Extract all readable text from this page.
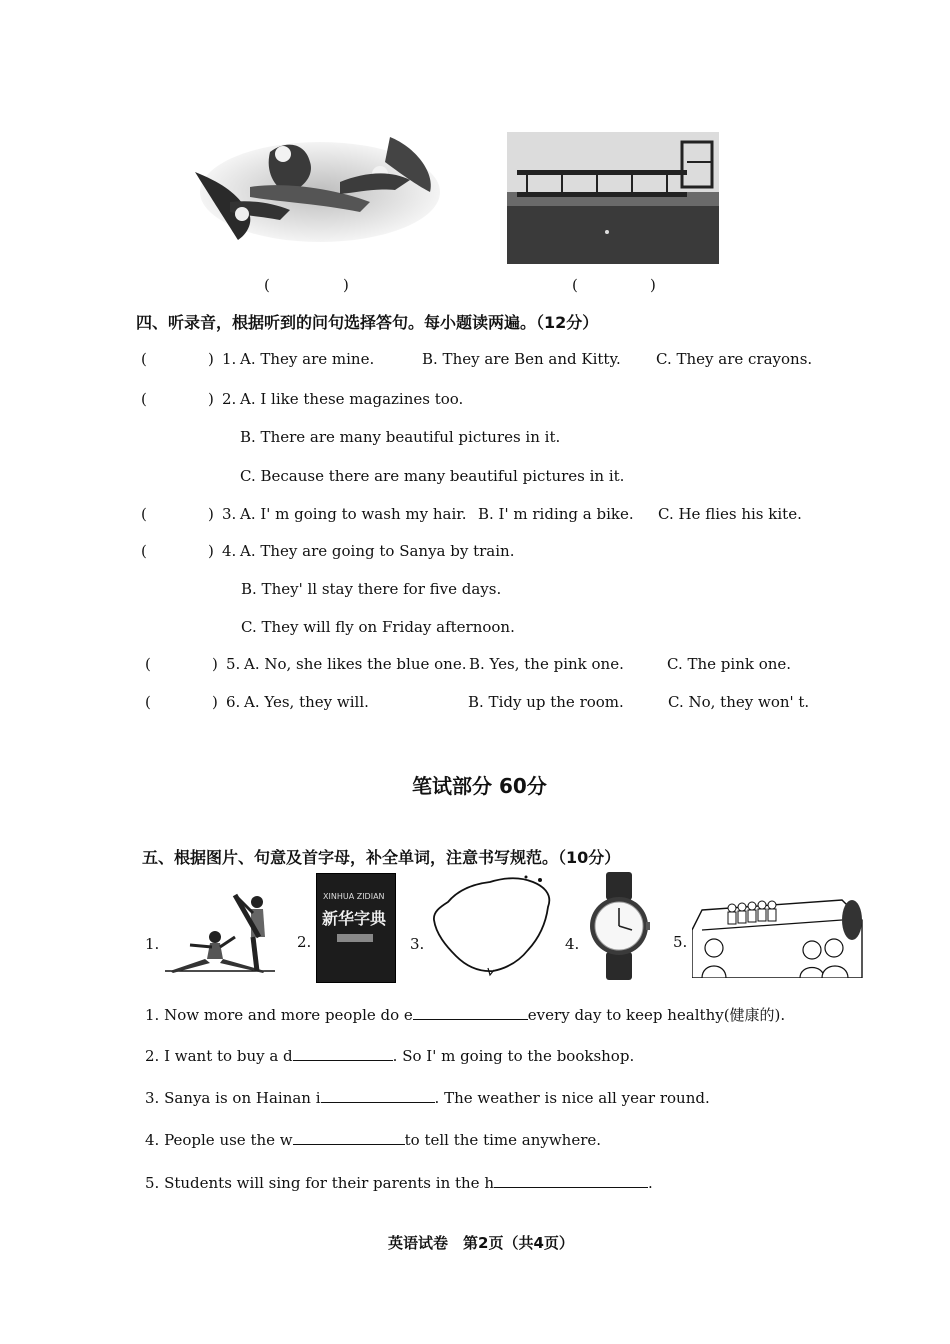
(	)	(	)
四、听录音，根据听到的问句选择答句。每小题读两遍。（12分）
(	) 1. A. They are mine.	B. They are Ben and Kitty. C. They are crayons.
(	) 2. A. I like these magazines too.
B. There are many beautiful pictures in it.
C. Because there are many beautiful pictures in it.
(	) 3. A. I' m going to wash my hair. B. I' m riding a bike. C. He flies his kite.
(	) 4. A. They are going to Sanya by train.
B. They' ll stay there for five days.
C. They will fly on Friday afternoon.
(	) 5. A. No, she likes the blue one. B. Yes, the pink one.	C. The pink one.
(	) 6. A. Yes, they will.	B. Tidy up the room.	C. No, they won' t.
笔试部分 60分
五、根据图片、句意及首字母，补全单词，注意书写规范。（10分）
1.	2.
XINHUA ZIDIAN
新华字典
3.	4.	5.
1. Now more and more people do e	every day to keep healthy(健康的).
2. I want to buy a d	. So I' m going to the bookshop.
3. Sanya is on Hainan i	. The weather is nice all year round.
4. People use the w	to tell the time anywhere.
5. Students will sing for their parents in the h	.
英语试卷　第2页（共4页）
